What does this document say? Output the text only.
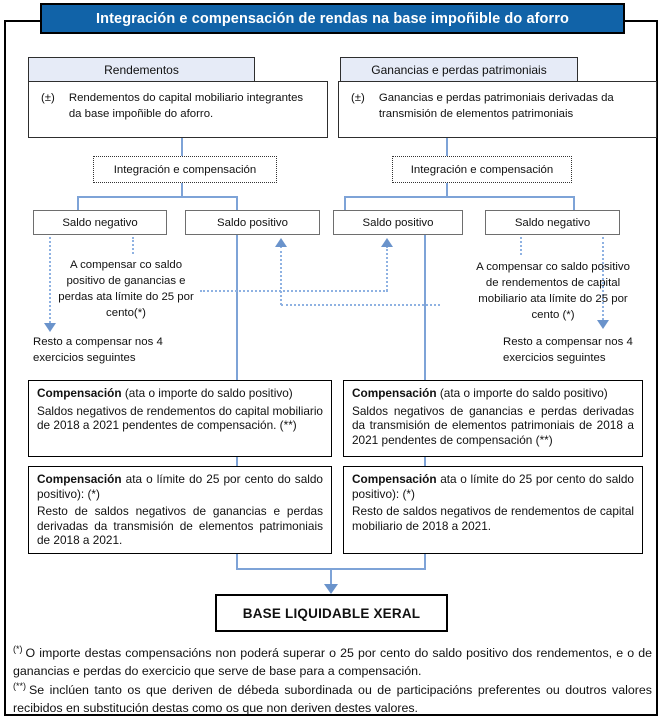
Integración e compensación de rendas na base impoñible do aforro
Rendementos
(±) Rendementos do capital mobiliario integrantes da base impoñible do aforro.
Integración e compensación
Saldo negativo	Saldo positivo
A compensar co saldo positivo de ganancias e perdas ata límite do 25 por cento(*)
Resto a compensar nos 4 exercicios seguintes
Ganancias e perdas patrimoniais
(±) Ganancias e perdas patrimoniais derivadas da transmisión de elementos patrimoniais
Integración e compensación
Saldo positivo	Saldo negativo
A compensar co saldo positivo de rendementos de capital mobiliario ata límite do 25 por cento (*)
Resto a compensar nos 4 exercicios seguintes

Compensación (ata o importe do saldo positivo)

Saldos negativos de rendementos do capital mobiliario de 2018 a 2021 pendentes de compensación. (**)

Compensación (ata o importe do saldo positivo)

Saldos negativos de ganancias e perdas derivadas da transmisión de elementos patrimoniais de 2018 a 2021 pendentes de compensación (**)

Compensación ata o límite do 25 por cento do saldo positivo): (*)

Resto de saldos negativos de ganancias e perdas derivadas da transmisión de elementos patrimoniais de 2018 a 2021.

Compensación ata o límite do 25 por cento do saldo positivo): (*)

Resto de saldos negativos de rendementos de capital mobiliario de 2018 a 2021.

BASE LIQUIDABLE XERAL
(*) O importe destas compensacións non poderá superar o 25 por cento do saldo positivo dos rendementos, e o de ganancias e perdas do exercicio que serve de base para a compensación.
(**) Se inclúen tanto os que deriven de débeda subordinada ou de participacións preferentes ou doutros valores recibidos en substitución destas como os que non deriven destes valores.
